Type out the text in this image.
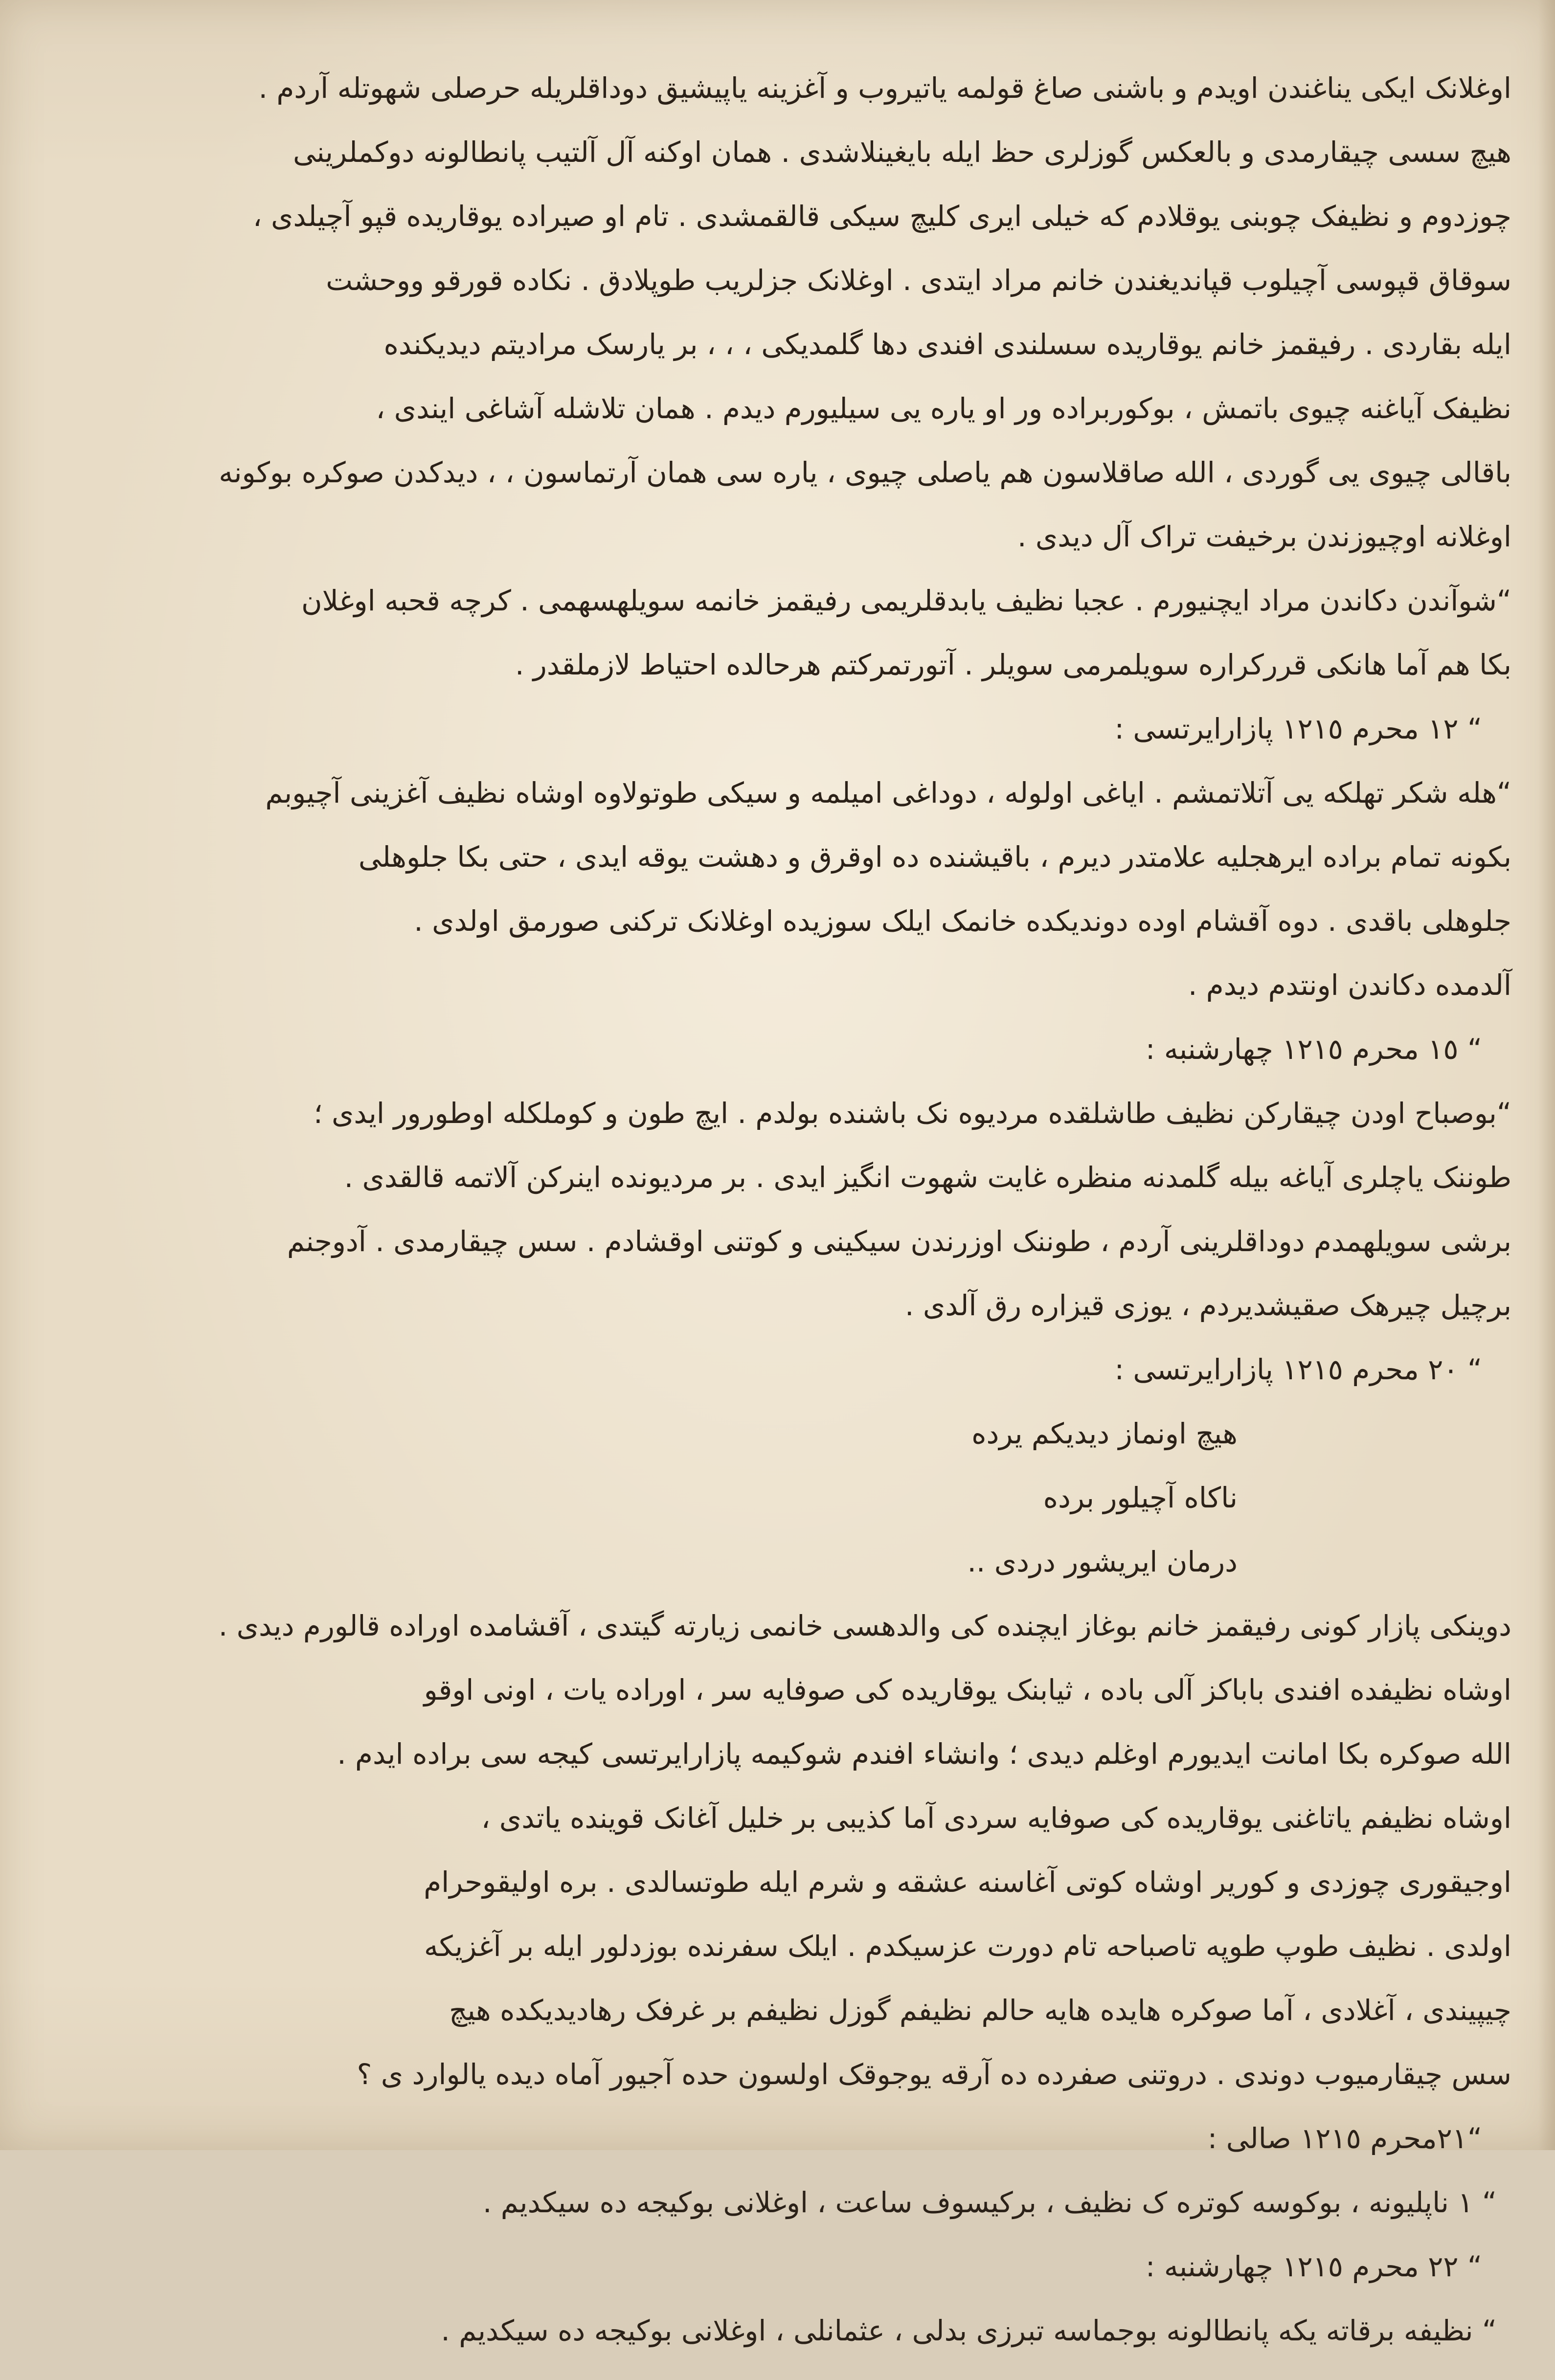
اوغلانک ایکی یناغندن اویدم و باشنی صاغ قولمه یاتیروب و آغزینه یاپیشیق دوداقلریله حرصلی شهوتله آردم .
هیچ سسی چیقارمدی و بالعکس گوزلری حظ ایله بایغینلاشدی . همان اوکنه آل آلتیب پانطالونه دوکملرینی
چوزدوم و نظیفک چوبنی یوقلادم که خیلی ایری کلیچ سیکی قالقمشدی . تام او صیراده یوقاریده قپو آچیلدی ،
سوقاق قپوسی آچیلوب قپاندیغندن خانم مراد ایتدی . اوغلانک جزلریب طوپلادق . نکاده قورقو ووحشت
ایله بقاردی . رفیقمز خانم یوقاریده سسلندی افندی دها گلمدیکی ، ، ، بر یارسک مرادیتم دیدیکنده
نظیفک آیاغنه چیوی باتمش ، بوکوربراده ور او یاره یی سیلیورم دیدم . همان تلاشله آشاغی ایندی ،
باقالی چیوی یی گوردی ، الله صاقلاسون هم یاصلی چیوی ، یاره سی همان آرتماسون ، ، دیدکدن صوکره بوکونه
اوغلانه اوچیوزندن برخیفت تراک آل دیدی .
“شوآندن دکاندن مراد ایچنیورم . عجبا نظیف یابدقلریمی رفیقمز خانمه سویلهسهمی . کرچه قحبه اوغلان
بکا هم آما هانکی قررکراره سویلمرمی سویلر . آتورتمرکتم هرحالده احتیاط لازملقدر .
“ ١٢ محرم ١٢١٥ پازارایرتسی :
“هله شکر تهلکه یی آتلاتمشم . ایاغی اولوله ، دوداغی امیلمه و سیکی طوتولاوه اوشاه نظیف آغزینی آچیوبم
بکونه تمام براده ایرهجلیه علامتدر دیرم ، باقیشنده ده اوقرق و دهشت یوقه ایدی ، حتی بکا جلوهلی
جلوهلی باقدی . دوه آقشام اوده دوندیکده خانمک ایلک سوزیده اوغلانک ترکنی صورمق اولدی .
آلدمده دکاندن اونتدم دیدم .
“ ١٥ محرم ١٢١٥ چهارشنبه :
“بوصباح اودن چیقارکن نظیف طاشلقده مردیوه نک باشنده بولدم . ایچ طون و کوملکله اوطورور ایدی ؛
طوننک یاچلری آیاغه بیله گلمدنه منظره غایت شهوت انگیز ایدی . بر مردیونده اینرکن آلاتمه قالقدی .
برشی سویلهمدم دوداقلرینی آردم ، طوننک اوزرندن سیکینی و کوتنی اوقشادم . سس چیقارمدی . آدوجنم
برچیل چیرهک صقیشدیردم ، یوزی قیزاره رق آلدی .
“ ٢٠ محرم ١٢١٥ پازارایرتسی :
هیچ اونماز دیدیکم یرده
ناکاه آچیلور برده
درمان ایریشور دردی ..
دوینکی پازار کونی رفیقمز خانم بوغاز ایچنده کی والدهسی خانمی زیارته گیتدی ، آقشامده اوراده قالورم دیدی .
اوشاه نظیفده افندی باباکز آلی باده ، ثیابنک یوقاریده کی صوفایه سر ، اوراده یات ، اونی اوقو
الله صوکره بکا امانت ایدیورم اوغلم دیدی ؛ وانشاء افندم شوکیمه پازارایرتسی کیجه سی براده ایدم .
اوشاه نظیفم یاتاغنی یوقاریده کی صوفایه سردی آما کذیبی بر خلیل آغانک قوینده یاتدی ،
اوجیقوری چوزدی و کوریر اوشاه کوتی آغاسنه عشقه و شرم ایله طوتسالدی . بره اولیقوحرام
اولدی . نظیف طوپ طوپه تاصباحه تام دورت عزسیکدم . ایلک سفرنده بوزدلور ایله بر آغزیکه
چیپیندی ، آغلادی ، آما صوکره هایده هایه حالم نظیفم گوزل نظیفم بر غرفک رهادیدیکده هیچ
سس چیقارمیوب دوندی . دروتنی صفرده ده آرقه یوجوقک اولسون حده آجیور آماه دیده یالوارد ی ؟
“٢١محرم ١٢١٥ صالی :
“ ١ ناپلیونه ، بوکوسه کوتره ک نظیف ، برکیسوف ساعت ، اوغلانی بوکیجه ده سیکدیم .
“ ٢٢ محرم ١٢١٥ چهارشنبه :
“ نظیفه برقاته یکه پانطالونه بوجماسه تبرزی بدلی ، عثمانلی ، اوغلانی بوکیجه ده سیکدیم .
